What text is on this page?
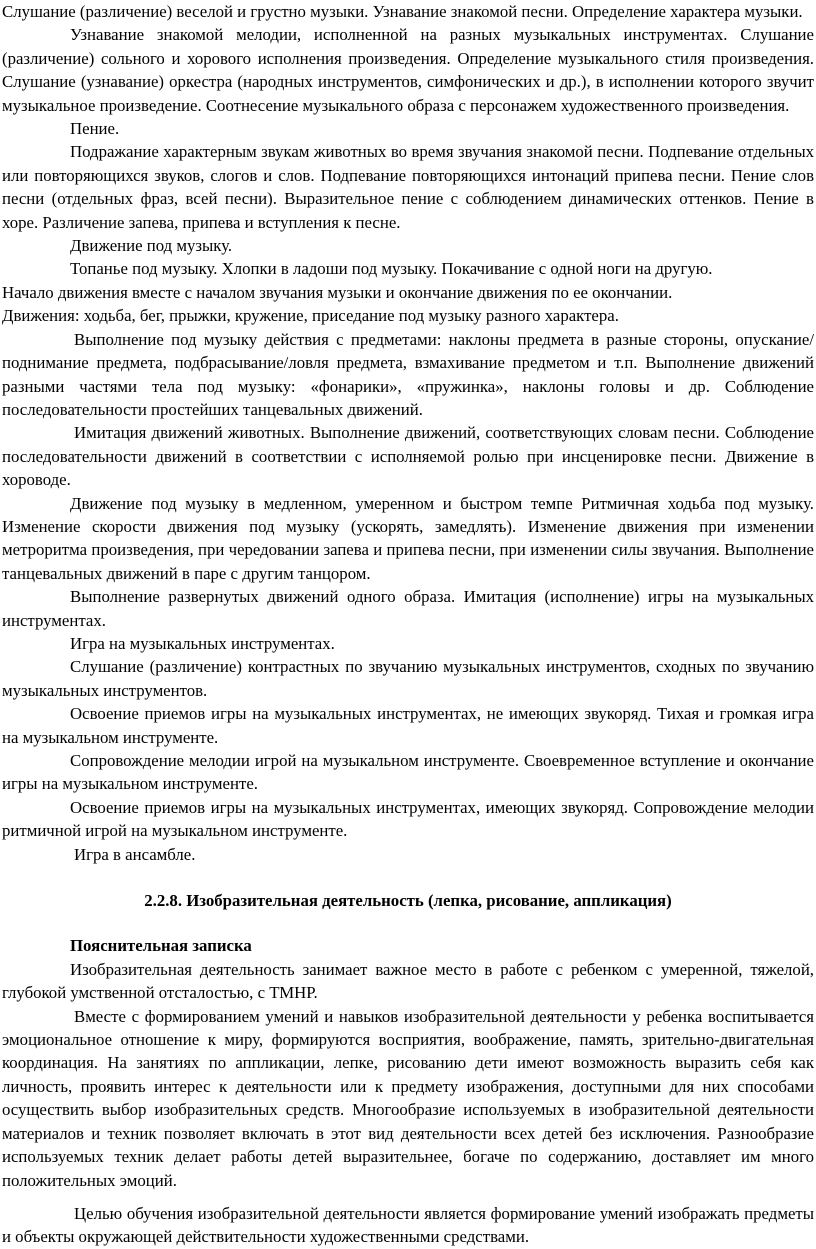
Слушание (различение) веселой и грустно музыки. Узнавание знакомой песни. Определение характера музыки.

Узнавание знакомой мелодии, исполненной на разных музыкальных инструментах. Слушание (различение) сольного и хорового исполнения произведения. Определение музыкального стиля произведения. Слушание (узнавание) оркестра (народных инструментов, симфонических и др.), в исполнении которого звучит музыкальное произведение. Соотнесение музыкального образа с персонажем художественного произведения.

Пение.

Подражание характерным звукам животных во время звучания знакомой песни. Подпевание отдельных или повторяющихся звуков, слогов и слов. Подпевание повторяющихся интонаций припева песни. Пение слов песни (отдельных фраз, всей песни). Выразительное пение с соблюдением динамических оттенков. Пение в хоре. Различение запева, припева и вступления к песне.

Движение под музыку.

Топанье под музыку. Хлопки в ладоши под музыку. Покачивание с одной ноги на другую.

Начало движения вместе с началом звучания музыки и окончание движения по ее окончании.

Движения: ходьба, бег, прыжки, кружение, приседание под музыку разного характера.

Выполнение под музыку действия с предметами: наклоны предмета в разные стороны, опускание/поднимание предмета, подбрасывание/ловля предмета, взмахивание предметом и т.п. Выполнение движений разными частями тела под музыку: «фонарики», «пружинка», наклоны головы и др. Соблюдение последовательности простейших танцевальных движений.

Имитация движений животных. Выполнение движений, соответствующих словам песни. Соблюдение последовательности движений в соответствии с исполняемой ролью при инсценировке песни. Движение в хороводе.

Движение под музыку в медленном, умеренном и быстром темпе Ритмичная ходьба под музыку. Изменение скорости движения под музыку (ускорять, замедлять). Изменение движения при изменении метроритма произведения, при чередовании запева и припева песни, при изменении силы звучания. Выполнение танцевальных движений в паре с другим танцором.

Выполнение развернутых движений одного образа. Имитация (исполнение) игры на музыкальных инструментах.

Игра на музыкальных инструментах.

Слушание (различение) контрастных по звучанию музыкальных инструментов, сходных по звучанию музыкальных инструментов.

Освоение приемов игры на музыкальных инструментах, не имеющих звукоряд. Тихая и громкая игра на музыкальном инструменте.

Сопровождение мелодии игрой на музыкальном инструменте. Своевременное вступление и окончание игры на музыкальном инструменте.

Освоение приемов игры на музыкальных инструментах, имеющих звукоряд. Сопровождение мелодии ритмичной игрой на музыкальном инструменте.

Игра в ансамбле.

2.2.8. Изобразительная деятельность (лепка, рисование, аппликация)

Пояснительная записка

Изобразительная деятельность занимает важное место в работе с ребенком с умеренной, тяжелой, глубокой умственной отсталостью, с ТМНР.

Вместе с формированием умений и навыков изобразительной деятельности у ребенка воспитывается эмоциональное отношение к миру, формируются восприятия, воображение, память, зрительно-двигательная координация. На занятиях по аппликации, лепке, рисованию дети имеют возможность выразить себя как личность, проявить интерес к деятельности или к предмету изображения, доступными для них способами осуществить выбор изобразительных средств. Многообразие используемых в изобразительной деятельности материалов и техник позволяет включать в этот вид деятельности всех детей без исключения. Разнообразие используемых техник делает работы детей выразительнее, богаче по содержанию, доставляет им много положительных эмоций.

Целью обучения изобразительной деятельности является формирование умений изображать предметы и объекты окружающей действительности художественными средствами.
